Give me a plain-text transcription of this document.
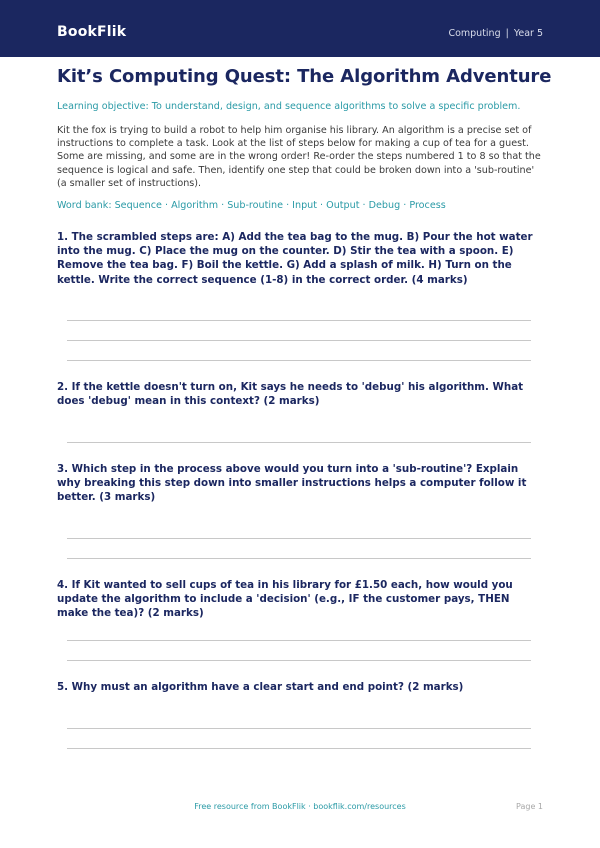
BookFlik	Computing | Year 5
Kit’s Computing Quest: The Algorithm Adventure
Learning objective: To understand, design, and sequence algorithms to solve a specific problem.
Kit the fox is trying to build a robot to help him organise his library. An algorithm is a precise set of instructions to complete a task. Look at the list of steps below for making a cup of tea for a guest. Some are missing, and some are in the wrong order! Re-order the steps numbered 1 to 8 so that the sequence is logical and safe. Then, identify one step that could be broken down into a 'sub-routine' (a smaller set of instructions).
Word bank: Sequence · Algorithm · Sub-routine · Input · Output · Debug · Process
1. The scrambled steps are: A) Add the tea bag to the mug. B) Pour the hot water into the mug. C) Place the mug on the counter. D) Stir the tea with a spoon. E) Remove the tea bag. F) Boil the kettle. G) Add a splash of milk. H) Turn on the kettle. Write the correct sequence (1-8) in the correct order. (4 marks)
2. If the kettle doesn't turn on, Kit says he needs to 'debug' his algorithm. What does 'debug' mean in this context? (2 marks)
3. Which step in the process above would you turn into a 'sub-routine'? Explain why breaking this step down into smaller instructions helps a computer follow it better. (3 marks)
4. If Kit wanted to sell cups of tea in his library for £1.50 each, how would you update the algorithm to include a 'decision' (e.g., IF the customer pays, THEN make the tea)? (2 marks)
5. Why must an algorithm have a clear start and end point? (2 marks)
Free resource from BookFlik · bookflik.com/resources	Page 1
